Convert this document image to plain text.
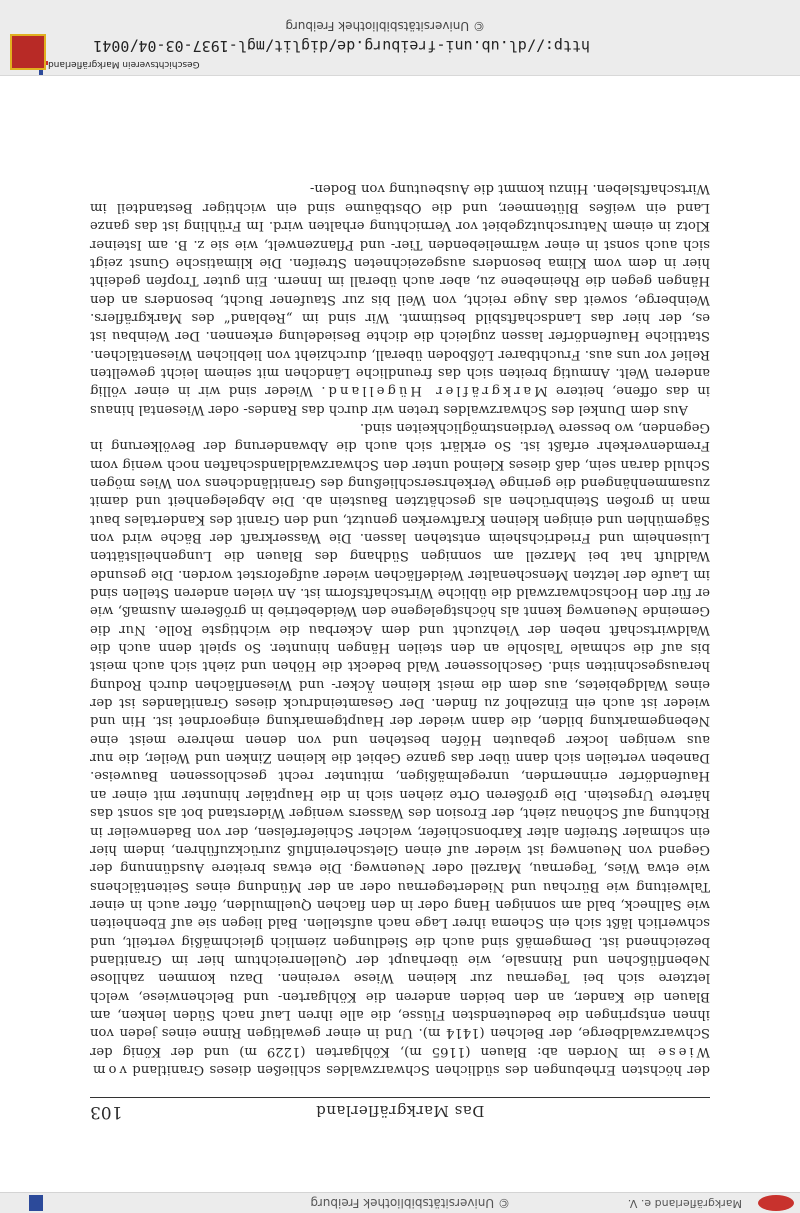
Markgräflerland e. V.
© Universitätsbibliothek Freiburg
Das Markgräflerland
103

der höchsten Erhebungen des südlichen Schwarzwaldes schließen dieses Granitland vom Wiese im Norden ab: Blauen (1165 m), Köhlgarten (1229 m) und der König der Schwarzwaldberge, der Belchen (1414 m). Und in einer gewaltigen Rinne eines jeden von ihnen entspringen die bedeutendsten Flüsse, die alle ihren Lauf nach Süden lenken, am Blauen die Kander, an den beiden anderen die Köhlgarten- und Belchenwiese, welch letztere sich bei Tegernau zur kleinen Wiese vereinen. Dazu kommen zahllose Nebenflüßchen und Rinnsale, wie überhaupt der Quellenreichtum hier im Granitland bezeichnend ist. Demgemäß sind auch die Siedlungen ziemlich gleichmäßig verteilt, und schwerlich läßt sich ein Schema ihrer Lage nach aufstellen. Bald liegen sie auf Ebenheiten wie Sallneck, bald am sonnigen Hang oder in den flachen Quellmulden, öfter auch in einer Talweitung wie Bürchau und Niedertegernau oder an der Mündung eines Seitentälchens wie etwa Wies, Tegernau, Marzell oder Neuenweg. Die etwas breitere Ausdünnung der Gegend von Neuenweg ist wieder auf einen Gletschereinfluß zurückzuführen, indem hier ein schmaler Streifen alter Karbonschiefer, welcher Schieferfelsen, der von Badenweiler in Richtung auf Schönau zieht, der Erosion des Wassers weniger Widerstand bot als sonst das härtere Urgestein. Die größeren Orte ziehen sich in die Hauptäler hinunter mit einer an Haufendörfer erinnernden, unregelmäßigen, mitunter recht geschlossenen Bauweise. Daneben verteilen sich dann über das ganze Gebiet die kleinen Zinken und Weiler, die nur aus wenigen locker gebauten Höfen bestehen und von denen mehrere meist eine Nebengemarkung bilden, die dann wieder der Hauptgemarkung eingeordnet ist. Hin und wieder ist auch ein Einzelhof zu finden. Der Gesamteindruck dieses Granitlandes ist der eines Waldgebietes, aus dem die meist kleinen Äcker- und Wiesenflächen durch Rodung herausgeschnitten sind. Geschlossener Wald bedeckt die Höhen und zieht sich auch meist bis auf die schmale Talsohle an den steilen Hängen hinunter. So spielt denn auch die Waldwirtschaft neben der Viehzucht und dem Ackerbau die wichtigste Rolle. Nur die Gemeinde Neuenweg kennt als höchstgelegene den Weidebetrieb in größerem Ausmaß, wie er für den Hochschwarzwald die übliche Wirtschaftsform ist. An vielen anderen Stellen sind im Laufe der letzten Menschenalter Weideflächen wieder aufgeforstet worden. Die gesunde Waldluft hat bei Marzell am sonnigen Südhang des Blauen die Lungenheilstätten Luisenheim und Friedrichsheim entstehen lassen. Die Wasserkraft der Bäche wird von Sägemühlen und einigen kleinen Kraftwerken genutzt, und den Granit des Kandertales baut man in großen Steinbrüchen als geschätzten Baustein ab. Die Abgelegenheit und damit zusammenhängend die geringe Verkehrserschließung des Granitländchens von Wies mögen Schuld daran sein, daß dieses Kleinod unter den Schwarzwaldlandschaften noch wenig vom Fremdenverkehr erfaßt ist. So erklärt sich auch die Abwanderung der Bevölkerung in Gegenden, wo bessere Verdienstmöglichkeiten sind.

Aus dem Dunkel des Schwarzwaldes treten wir durch das Randes- oder Wiesental hinaus in das offene, heitere Markgräfler Hügelland. Wieder sind wir in einer völlig anderen Welt. Anmutig breiten sich das freundliche Ländchen mit seinem leicht gewellten Relief vor uns aus. Fruchtbarer Lößboden überall, durchzieht von lieblichen Wiesentälchen. Stattliche Haufendörfer lassen zugleich die dichte Besiedelung erkennen. Der Weinbau ist es, der hier das Landschaftsbild bestimmt. Wir sind im „Rebland“ des Markgräflers. Weinberge, soweit das Auge reicht, von Weil bis zur Staufener Bucht, besonders an den Hängen gegen die Rheinebene zu, aber auch überall im Innern. Ein guter Tropfen gedeiht hier in dem vom Klima besonders ausgezeichneten Streifen. Die klimatische Gunst zeigt sich auch sonst in einer wärmeliebenden Tier- und Pflanzenwelt, wie sie z. B. am Isteiner Klotz in einem Naturschutzgebiet vor Vernichtung erhalten wird. Im Frühling ist das ganze Land ein weißes Blütenmeer, und die Obstbäume sind ein wichtiger Bestandteil im Wirtschaftsleben. Hinzu kommt die Ausbeutung von Boden-

http://dl.ub.uni-freiburg.de/diglit/mgl-1937-03-04/0041
© Universitätsbibliothek Freiburg
Geschichtsverein Markgräflerland
